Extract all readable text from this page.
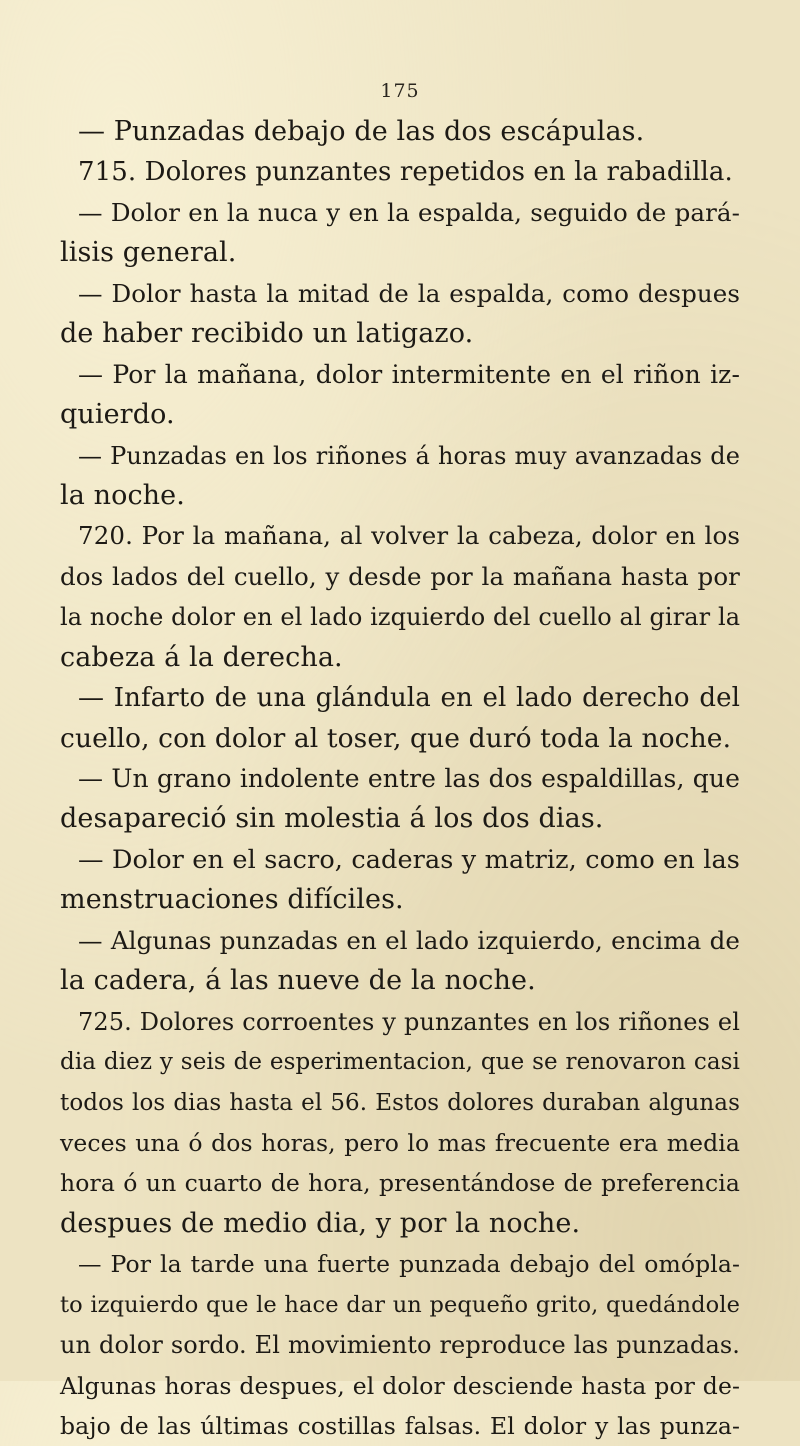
175
— Punzadas debajo de las dos escápulas.
715. Dolores punzantes repetidos en la rabadilla.
— Dolor en la nuca y en la espalda, seguido de pará-
lisis general.
— Dolor hasta la mitad de la espalda, como despues
de haber recibido un latigazo.
— Por la mañana, dolor intermitente en el riñon iz-
quierdo.
— Punzadas en los riñones á horas muy avanzadas de
la noche.
720. Por la mañana, al volver la cabeza, dolor en los
dos lados del cuello, y desde por la mañana hasta por
la noche dolor en el lado izquierdo del cuello al girar la
cabeza á la derecha.
— Infarto de una glándula en el lado derecho del
cuello, con dolor al toser, que duró toda la noche.
— Un grano indolente entre las dos espaldillas, que
desapareció sin molestia á los dos dias.
— Dolor en el sacro, caderas y matriz, como en las
menstruaciones difíciles.
— Algunas punzadas en el lado izquierdo, encima de
la cadera, á las nueve de la noche.
725. Dolores corroentes y punzantes en los riñones el
dia diez y seis de esperimentacion, que se renovaron casi
todos los dias hasta el 56. Estos dolores duraban algunas
veces una ó dos horas, pero lo mas frecuente era media
hora ó un cuarto de hora, presentándose de preferencia
despues de medio dia, y por la noche.
— Por la tarde una fuerte punzada debajo del omópla-
to izquierdo que le hace dar un pequeño grito, quedándole
un dolor sordo. El movimiento reproduce las punzadas.
Algunas horas despues, el dolor desciende hasta por de-
bajo de las últimas costillas falsas. El dolor y las punza-
